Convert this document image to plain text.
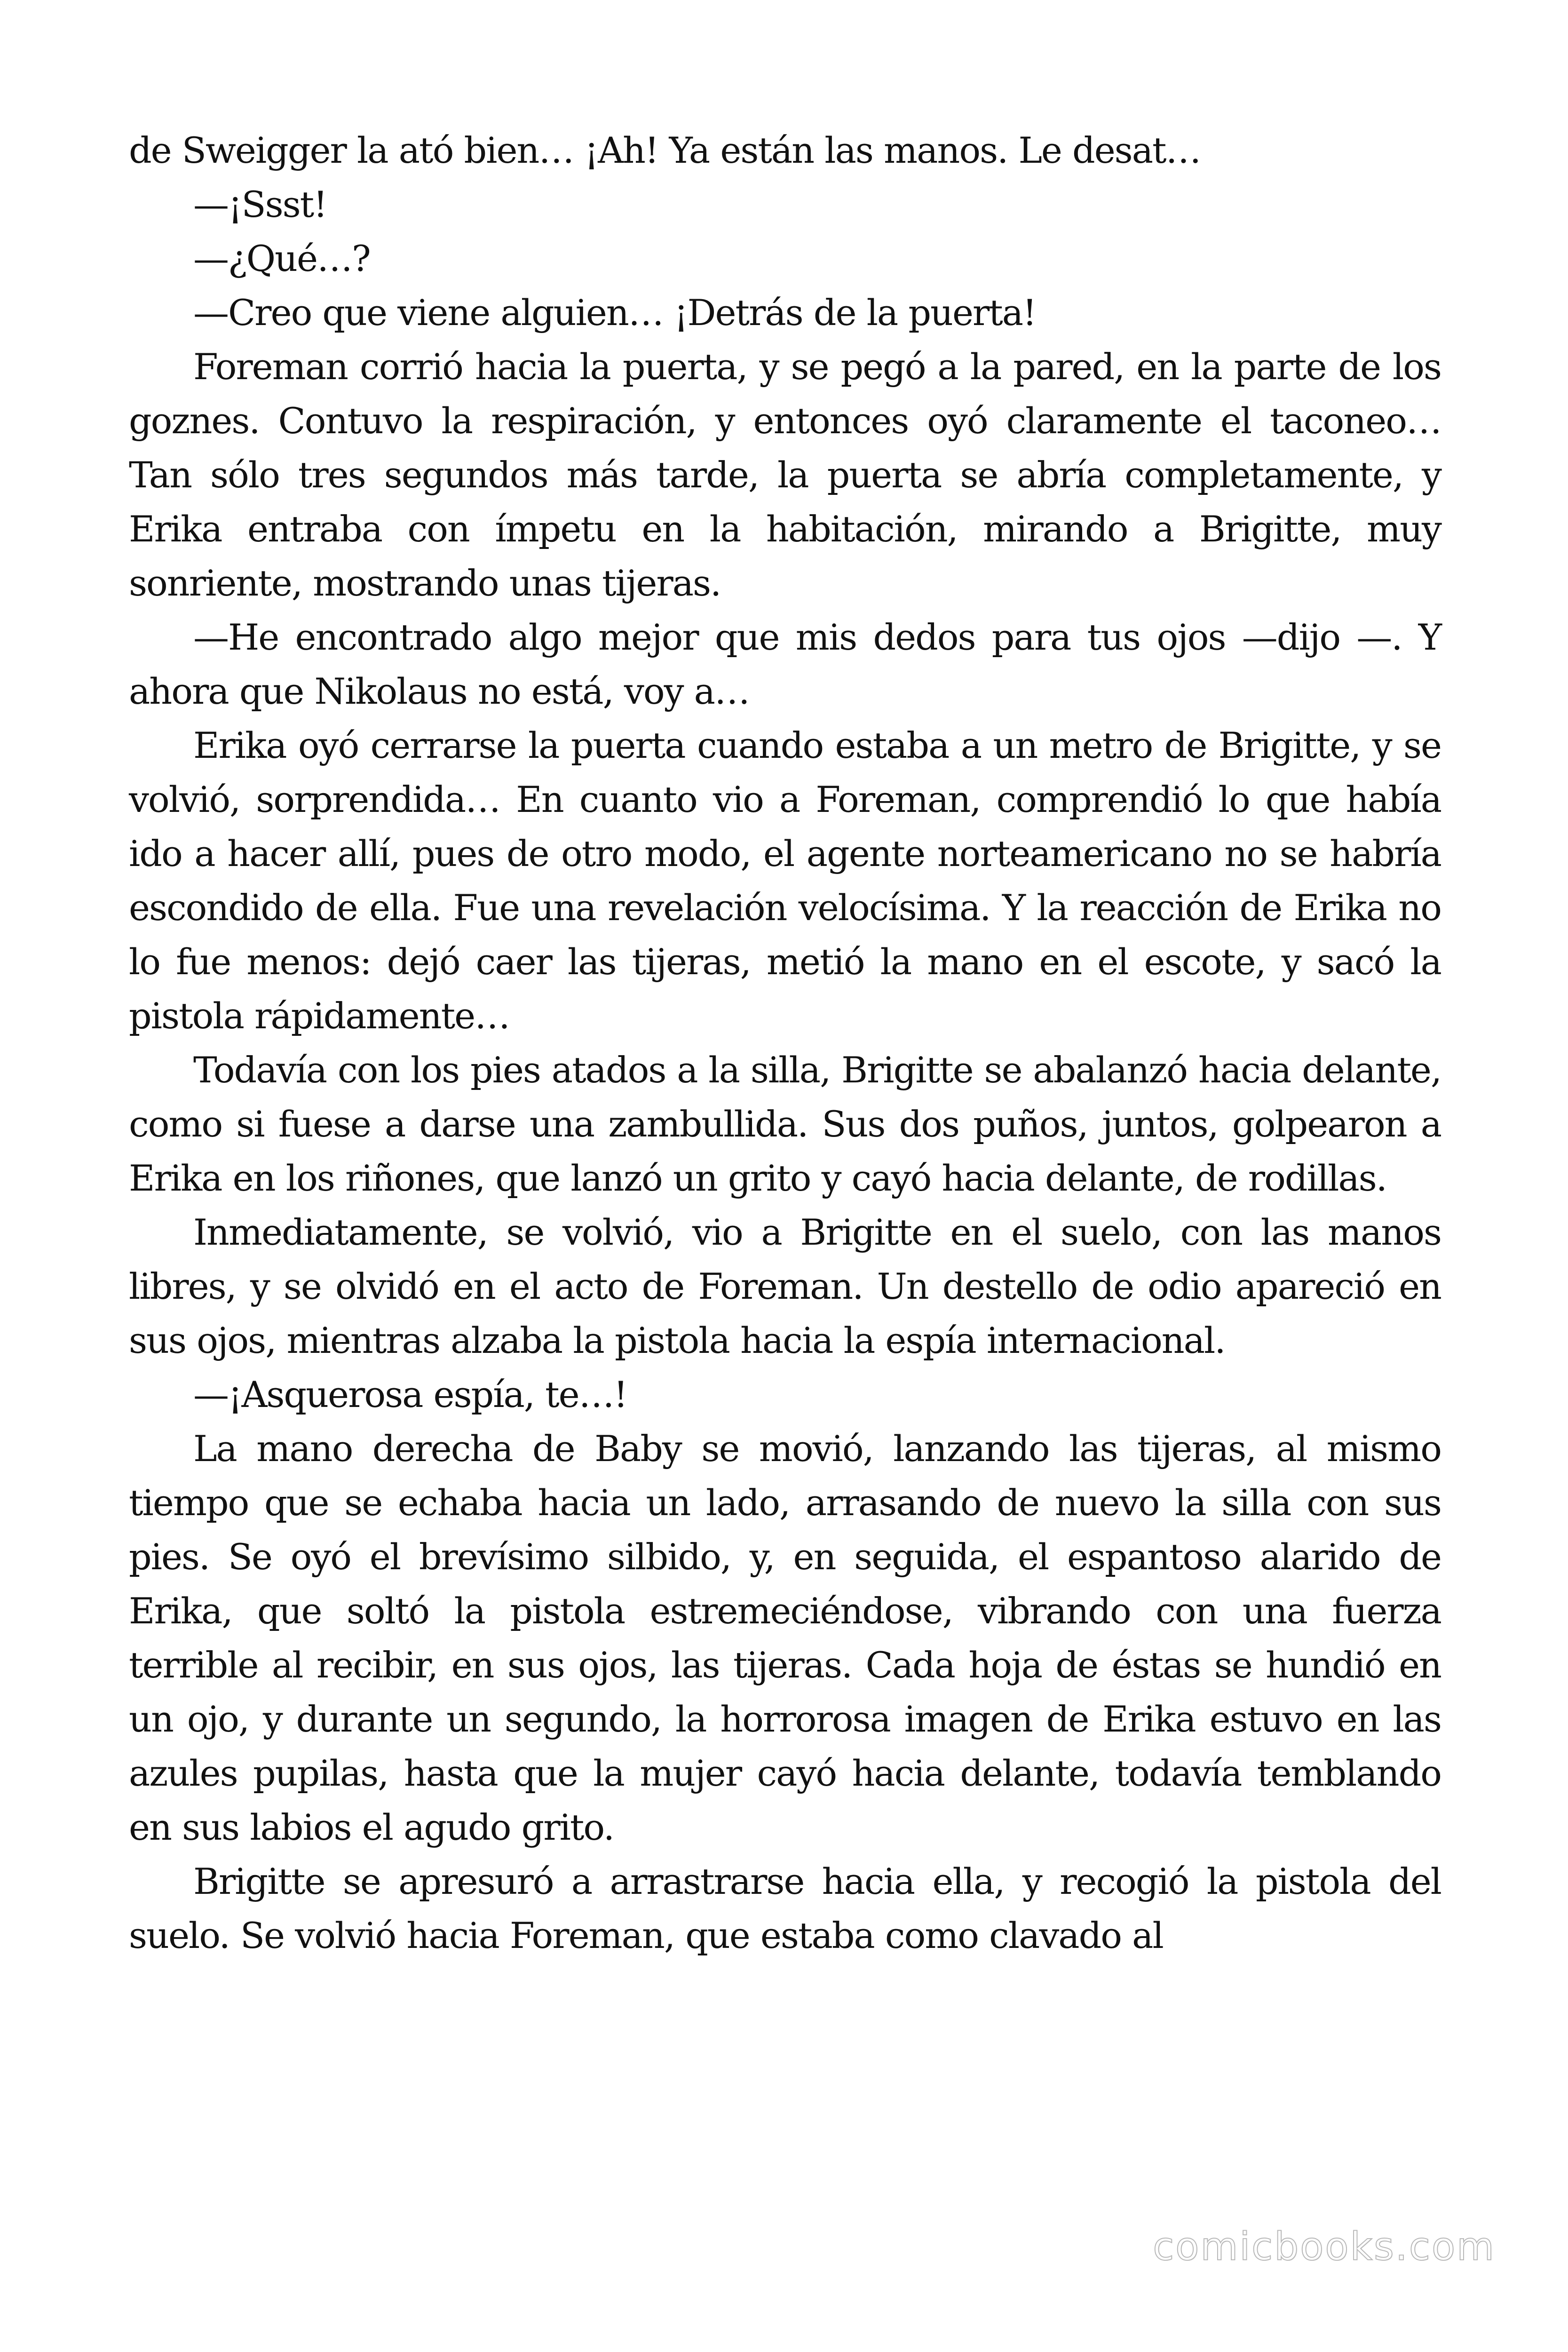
de Sweigger la ató bien… ¡Ah! Ya están las manos. Le desat…

—¡Ssst!

—¿Qué…?

—Creo que viene alguien… ¡Detrás de la puerta!

Foreman corrió hacia la puerta, y se pegó a la pared, en la parte de los goznes. Contuvo la respiración, y entonces oyó claramente el taconeo… Tan sólo tres segundos más tarde, la puerta se abría completamente, y Erika entraba con ímpetu en la habitación, mirando a Brigitte, muy sonriente, mostrando unas tijeras.

—He encontrado algo mejor que mis dedos para tus ojos —dijo —. Y ahora que Nikolaus no está, voy a…

Erika oyó cerrarse la puerta cuando estaba a un metro de Brigitte, y se volvió, sorprendida… En cuanto vio a Foreman, comprendió lo que había ido a hacer allí, pues de otro modo, el agente norteamericano no se habría escondido de ella. Fue una revelación velocísima. Y la reacción de Erika no lo fue menos: dejó caer las tijeras, metió la mano en el escote, y sacó la pistola rápidamente…

Todavía con los pies atados a la silla, Brigitte se abalanzó hacia delante, como si fuese a darse una zambullida. Sus dos puños, juntos, golpearon a Erika en los riñones, que lanzó un grito y cayó hacia delante, de rodillas.

Inmediatamente, se volvió, vio a Brigitte en el suelo, con las manos libres, y se olvidó en el acto de Foreman. Un destello de odio apareció en sus ojos, mientras alzaba la pistola hacia la espía internacional.

—¡Asquerosa espía, te…!

La mano derecha de Baby se movió, lanzando las tijeras, al mismo tiempo que se echaba hacia un lado, arrasando de nuevo la silla con sus pies. Se oyó el brevísimo silbido, y, en seguida, el espantoso alarido de Erika, que soltó la pistola estremeciéndose, vibrando con una fuerza terrible al recibir, en sus ojos, las tijeras. Cada hoja de éstas se hundió en un ojo, y durante un segundo, la horrorosa imagen de Erika estuvo en las azules pupilas, hasta que la mujer cayó hacia delante, todavía temblando en sus labios el agudo grito.

Brigitte se apresuró a arrastrarse hacia ella, y recogió la pistola del suelo. Se volvió hacia Foreman, que estaba como clavado al

comicbooks.com
